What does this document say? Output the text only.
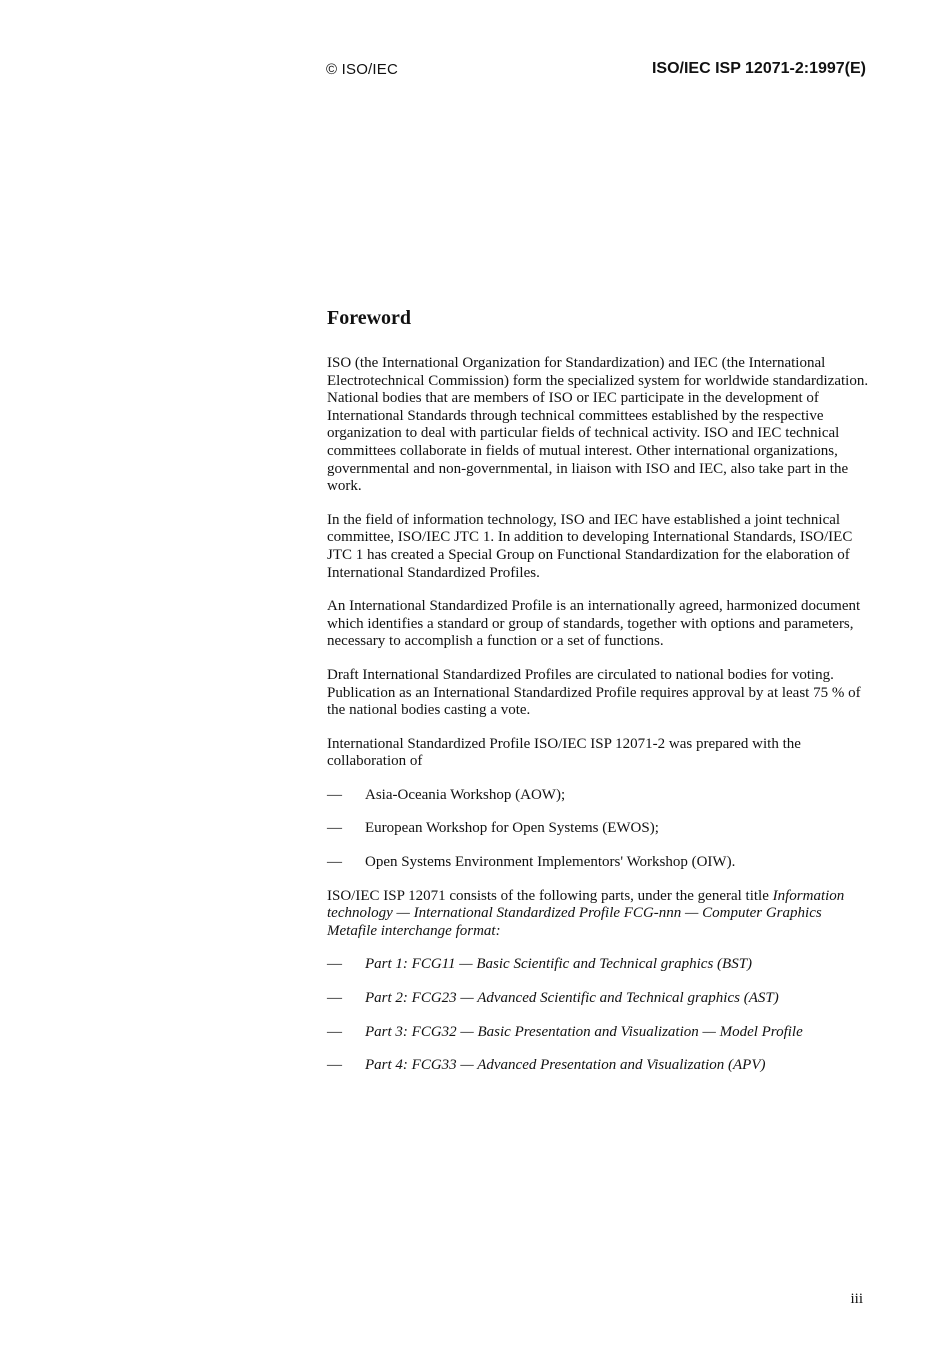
© ISO/IEC	ISO/IEC ISP 12071-2:1997(E)
Foreword

ISO (the International Organization for Standardization) and IEC (the International Electrotechnical Commission) form the specialized system for worldwide standardization. National bodies that are members of ISO or IEC participate in the development of International Standards through technical committees established by the respective organization to deal with particular fields of technical activity. ISO and IEC technical committees collaborate in fields of mutual interest. Other international organizations, governmental and non-governmental, in liaison with ISO and IEC, also take part in the work.

In the field of information technology, ISO and IEC have established a joint technical committee, ISO/IEC JTC 1. In addition to developing International Standards, ISO/IEC JTC 1 has created a Special Group on Functional Standardization for the elaboration of International Standardized Profiles.

An International Standardized Profile is an internationally agreed, harmonized document which identifies a standard or group of standards, together with options and parameters, necessary to accomplish a function or a set of functions.

Draft International Standardized Profiles are circulated to national bodies for voting. Publication as an International Standardized Profile requires approval by at least 75 % of the national bodies casting a vote.

International Standardized Profile ISO/IEC ISP 12071-2 was prepared with the collaboration of

—	Asia-Oceania Workshop (AOW);
—	European Workshop for Open Systems (EWOS);
—	Open Systems Environment Implementors' Workshop (OIW).

ISO/IEC ISP 12071 consists of the following parts, under the general title Information technology — International Standardized Profile FCG-nnn — Computer Graphics Metafile interchange format:

—	Part 1: FCG11 — Basic Scientific and Technical graphics (BST)
—	Part 2: FCG23 — Advanced Scientific and Technical graphics (AST)
—	Part 3: FCG32 — Basic Presentation and Visualization — Model Profile
—	Part 4: FCG33 — Advanced Presentation and Visualization (APV)
iii
